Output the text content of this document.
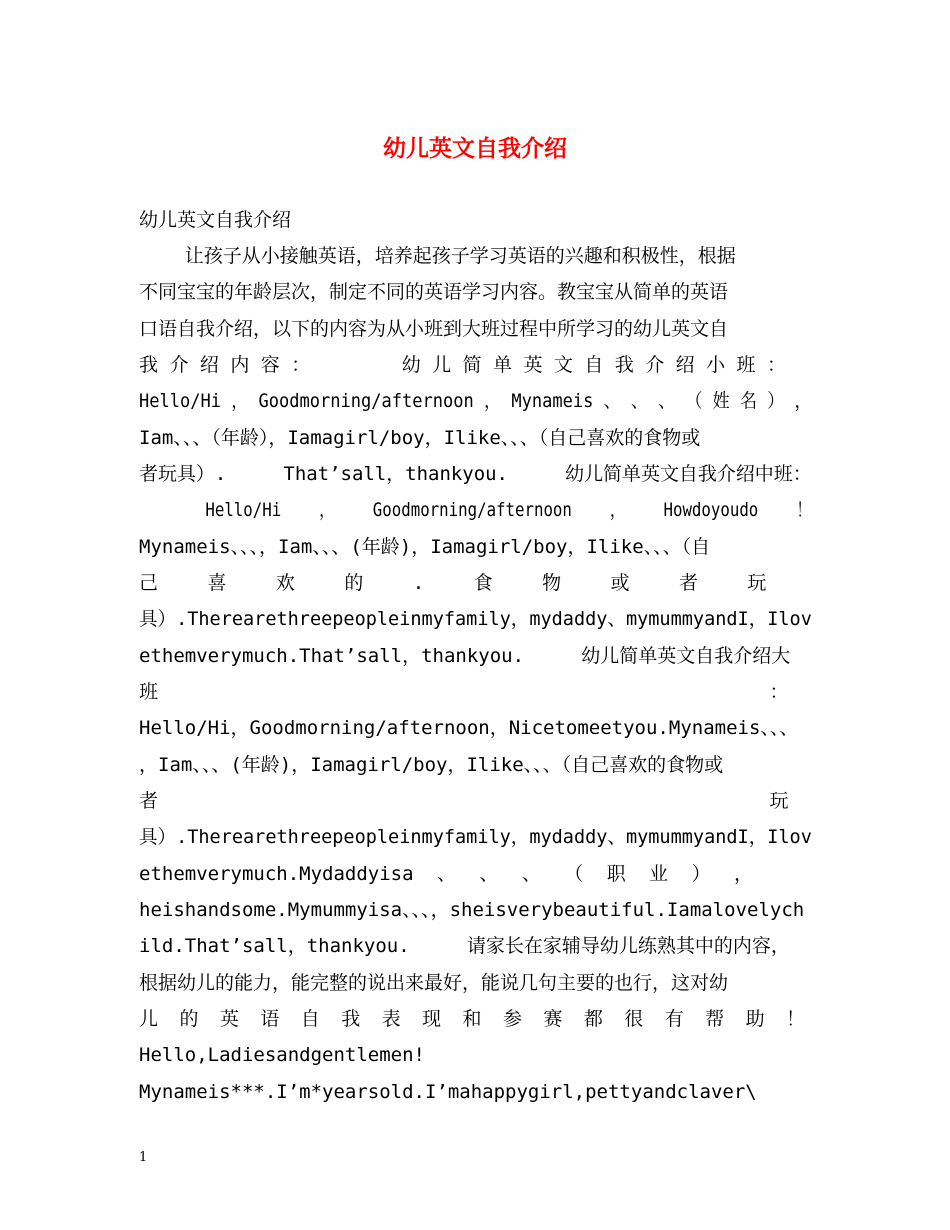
幼儿英文自我介绍
幼儿英文自我介绍
让孩子从小接触英语，培养起孩子学习英语的兴趣和积极性，根据
不同宝宝的年龄层次，制定不同的英语学习内容。教宝宝从简单的英语
口语自我介绍，以下的内容为从小班到大班过程中所学习的幼儿英文自
我 介 绍 内 容 ：        幼 儿 简 单 英 文 自 我 介 绍 小 班 ：
Hello/Hi ， Goodmorning/afternoon ， Mynameis 、 、 、 （ 姓 名 ） ，
Iam、、、（年龄），Iamagirl/boy，Ilike、、、（自己喜欢的食物或
者玩具）.     That’sall，thankyou.     幼儿简单英文自我介绍中班：
Hello/Hi    ，    Goodmorning/afternoon    ，    Howdoyoudo    ！
Mynameis、、、，Iam、、、(年龄)，Iamagirl/boy，Ilike、、、（自
己 喜 欢 的 . 食 物 或 者 玩
具）.Therearethreepeopleinmyfamily，mydaddy、mymummyandI，Ilov
ethemverymuch.That’sall，thankyou.     幼儿简单英文自我介绍大
班 ：
Hello/Hi，Goodmorning/afternoon，Nicetomeetyou.Mynameis、、、
，Iam、、、(年龄)，Iamagirl/boy，Ilike、、、（自己喜欢的食物或
者 玩
具）.Therearethreepeopleinmyfamily，mydaddy、mymummyandI，Ilov
ethemverymuch.Mydaddyisa 、 、 、 （ 职 业 ） ，
heishandsome.Mymummyisa、、、，sheisverybeautiful.Iamalovelych
ild.That’sall，thankyou.     请家长在家辅导幼儿练熟其中的内容，
根据幼儿的能力，能完整的说出来最好，能说几句主要的也行，这对幼
儿 的 英 语 自 我 表 现 和 参 赛 都 很 有 帮 助 ！
Hello,Ladiesandgentlemen!
Mynameis***.I’m*yearsold.I’mahappygirl,pettyandclaver\
1
